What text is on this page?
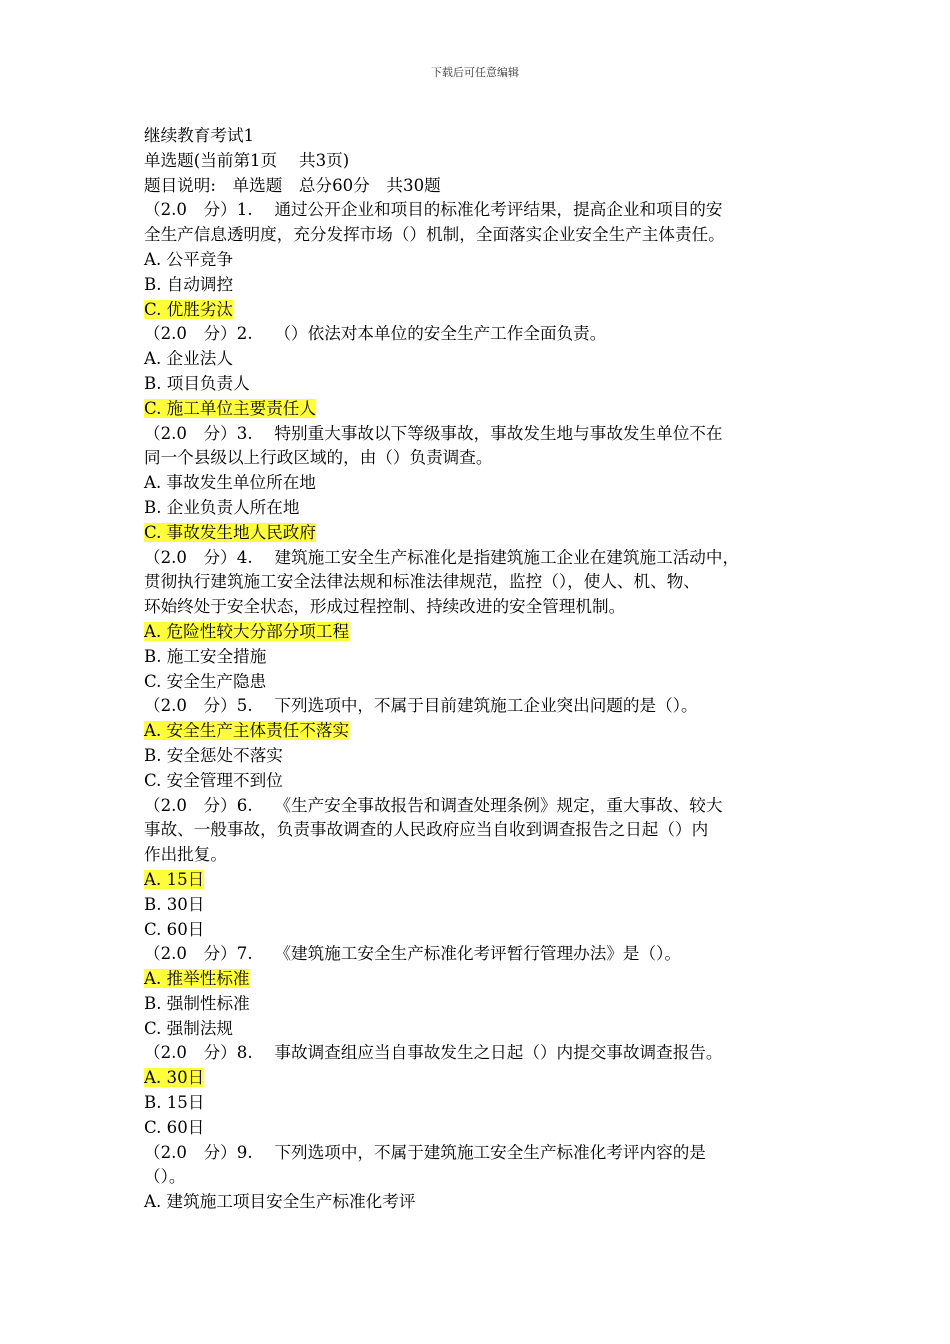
下载后可任意编辑
继续教育考试1
单选题(当前第1页　 共3页)
题目说明:　单选题　总分60分　共30题
（2.0　分）1.　 通过公开企业和项目的标准化考评结果，提高企业和项目的安
全生产信息透明度，充分发挥市场（）机制，全面落实企业安全生产主体责任。
A. 公平竞争
B. 自动调控
C. 优胜劣汰
（2.0　分）2.　 （）依法对本单位的安全生产工作全面负责。
A. 企业法人
B. 项目负责人
C. 施工单位主要责任人
（2.0　分）3.　 特别重大事故以下等级事故，事故发生地与事故发生单位不在
同一个县级以上行政区域的，由（）负责调查。
A. 事故发生单位所在地
B. 企业负责人所在地
C. 事故发生地人民政府
（2.0　分）4.　 建筑施工安全生产标准化是指建筑施工企业在建筑施工活动中，
贯彻执行建筑施工安全法律法规和标准法律规范，监控（），使人、机、物、
环始终处于安全状态，形成过程控制、持续改进的安全管理机制。
A. 危险性较大分部分项工程
B. 施工安全措施
C. 安全生产隐患
（2.0　分）5.　 下列选项中，不属于目前建筑施工企业突出问题的是（）。
A. 安全生产主体责任不落实
B. 安全惩处不落实
C. 安全管理不到位
（2.0　分）6.　 《生产安全事故报告和调查处理条例》规定，重大事故、较大
事故、一般事故，负责事故调查的人民政府应当自收到调查报告之日起（）内
作出批复。
A. 15日
B. 30日
C. 60日
（2.0　分）7.　 《建筑施工安全生产标准化考评暂行管理办法》是（）。
A. 推举性标准
B. 强制性标准
C. 强制法规
（2.0　分）8.　 事故调查组应当自事故发生之日起（）内提交事故调查报告。
A. 30日
B. 15日
C. 60日
（2.0　分）9.　 下列选项中，不属于建筑施工安全生产标准化考评内容的是
（）。
A. 建筑施工项目安全生产标准化考评
